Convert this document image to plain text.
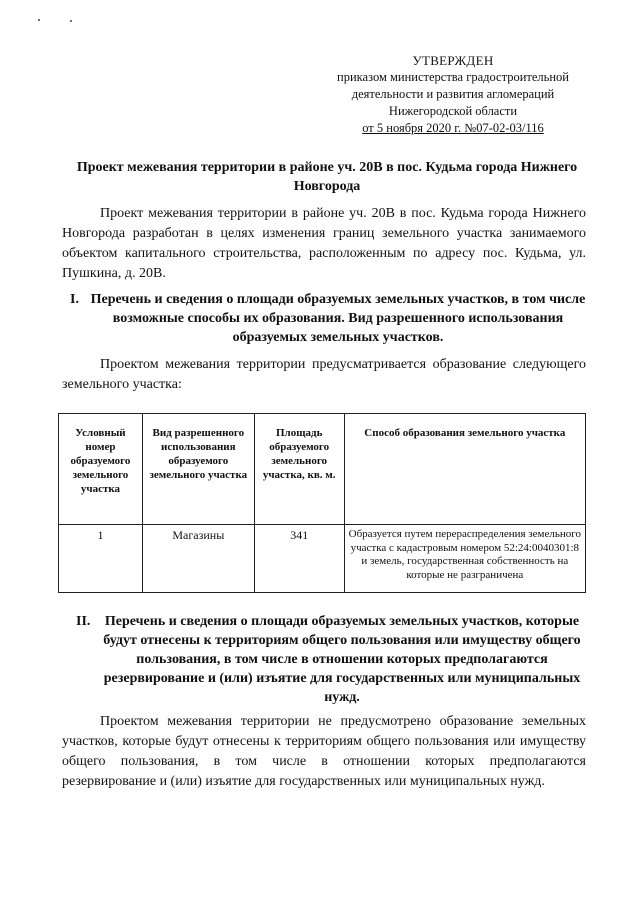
УТВЕРЖДЕН
приказом министерства градостроительной
деятельности и развития агломераций
Нижегородской области
от 5 ноября 2020 г. №07-02-03/116
Проект межевания территории в районе уч. 20В в пос. Кудьма города Нижнего Новгорода
Проект межевания территории в районе уч. 20В в пос. Кудьма города Нижнего Новгорода разработан в целях изменения границ земельного участка занимаемого объектом капитального строительства, расположенным по адресу пос. Кудьма, ул. Пушкина, д. 20В.
I. Перечень и сведения о площади образуемых земельных участков, в том числе возможные способы их образования. Вид разрешенного использования образуемых земельных участков.
Проектом межевания территории предусматривается образование следующего земельного участка:
Условный номер образуемого земельного участка	Вид разрешенного использования образуемого земельного участка	Площадь образуемого земельного участка, кв. м.	Способ образования земельного участка
1	Магазины	341	Образуется путем перераспределения земельного участка с кадастровым номером 52:24:0040301:8 и земель, государственная собственность на которые не разграничена
II.	Перечень и сведения о площади образуемых земельных участков, которые будут отнесены к территориям общего пользования или имуществу общего пользования, в том числе в отношении которых предполагаются резервирование и (или) изъятие для государственных или муниципальных нужд.
Проектом межевания территории не предусмотрено образование земельных участков, которые будут отнесены к территориям общего пользования или имуществу общего пользования, в том числе в отношении которых предполагаются резервирование и (или) изъятие для государственных или муниципальных нужд.
